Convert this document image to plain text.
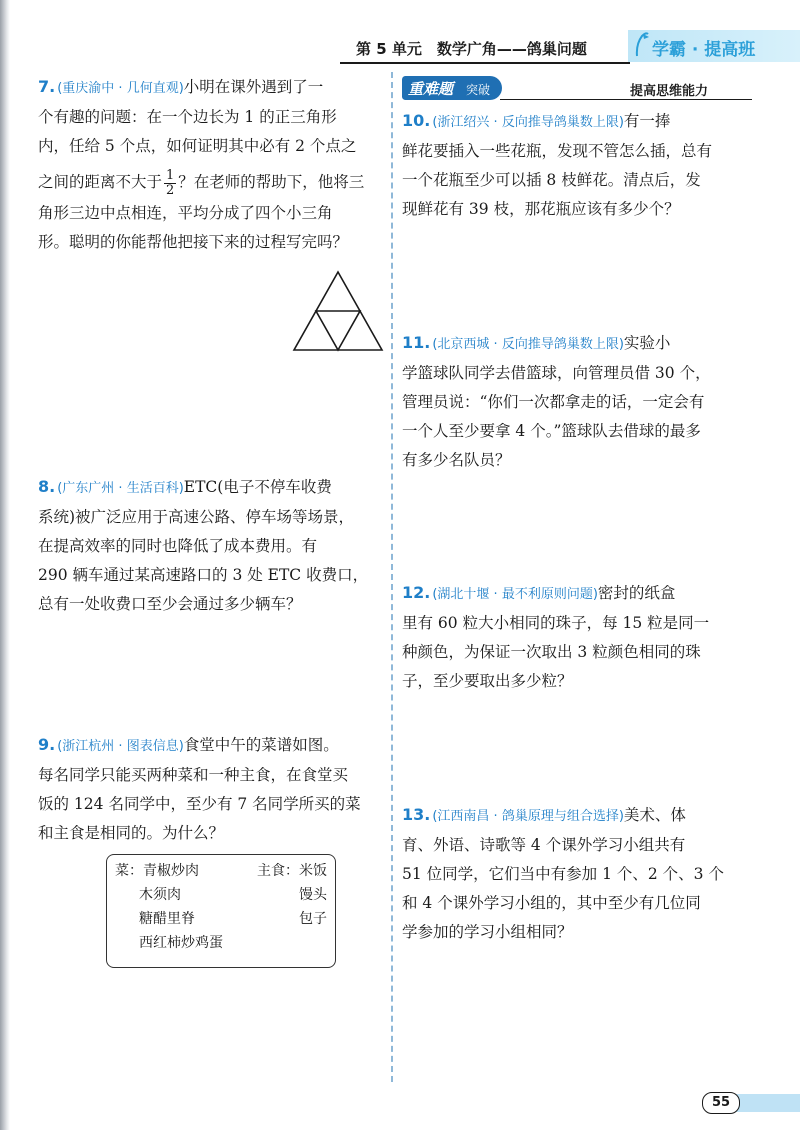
第 5 单元　数学广角——鸽巢问题	学霸 · 提高班
7. (重庆渝中 · 几何直观)小明在课外遇到了一
个有趣的问题：在一个边长为 1 的正三角形
内，任给 5 个点，如何证明其中必有 2 个点之
之间的距离不大于 $\frac{1}{2}$ ？在老师的帮助下，他将三
角形三边中点相连，平均分成了四个小三角
形。聪明的你能帮他把接下来的过程写完吗？
8. (广东广州 · 生活百科)ETC(电子不停车收费
系统)被广泛应用于高速公路、停车场等场景，
在提高效率的同时也降低了成本费用。有
290 辆车通过某高速路口的 3 处 ETC 收费口，
总有一处收费口至少会通过多少辆车？
9. (浙江杭州 · 图表信息)食堂中午的菜谱如图。
每名同学只能买两种菜和一种主食，在食堂买
饭的 124 名同学中，至少有 7 名同学所买的菜
和主食是相同的。为什么？
菜： 青椒炒肉
木须肉
糖醋里脊
西红柿炒鸡蛋
主食： 米饭
馒头
包子
重难题 突破	提高思维能力
10. (浙江绍兴 · 反向推导鸽巢数上限)有一捧
鲜花要插入一些花瓶，发现不管怎么插，总有
一个花瓶至少可以插 8 枝鲜花。清点后，发
现鲜花有 39 枝，那花瓶应该有多少个？
11. (北京西城 · 反向推导鸽巢数上限)实验小
学篮球队同学去借篮球，向管理员借 30 个，
管理员说：“你们一次都拿走的话，一定会有
一个人至少要拿 4 个。”篮球队去借球的最多
有多少名队员？
12. (湖北十堰 · 最不利原则问题)密封的纸盒
里有 60 粒大小相同的珠子，每 15 粒是同一
种颜色，为保证一次取出 3 粒颜色相同的珠
子，至少要取出多少粒？
13. (江西南昌 · 鸽巢原理与组合选择)美术、体
育、外语、诗歌等 4 个课外学习小组共有
51 位同学，它们当中有参加 1 个、2 个、3 个
和 4 个课外学习小组的，其中至少有几位同
学参加的学习小组相同？
55
